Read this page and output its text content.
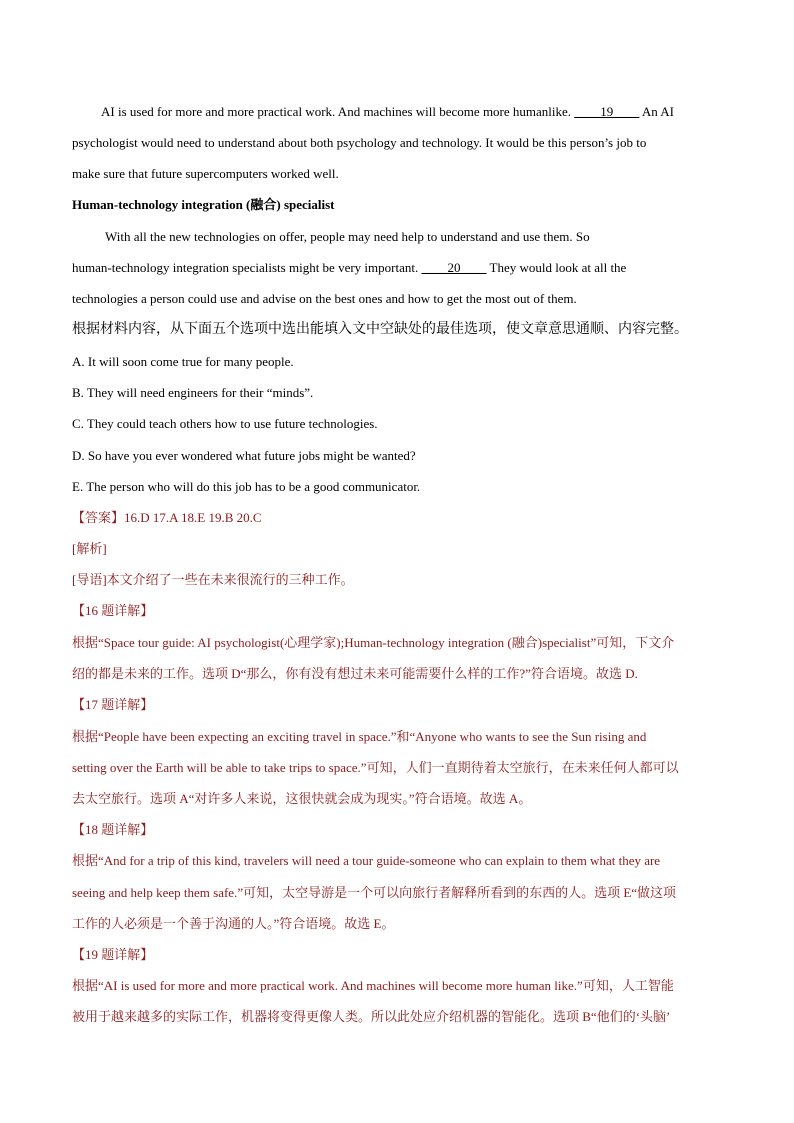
AI is used for more and more practical work. And machines will become more humanlike. ____19____ An AI
psychologist would need to understand about both psychology and technology. It would be this person’s job to
make sure that future supercomputers worked well.
Human-technology integration (融合) specialist
With all the new technologies on offer, people may need help to understand and use them. So
human-technology integration specialists might be very important. ____20____ They would look at all the
technologies a person could use and advise on the best ones and how to get the most out of them.
根据材料内容，从下面五个选项中选出能填入文中空缺处的最佳选项，使文章意思通顺、内容完整。
A. It will soon come true for many people.
B. They will need engineers for their “minds”.
C. They could teach others how to use future technologies.
D. So have you ever wondered what future jobs might be wanted?
E. The person who will do this job has to be a good communicator.
【答案】16.D 17.A 18.E 19.B 20.C
[解析]
[导语]本文介绍了一些在未来很流行的三种工作。
【16 题详解】
根据“Space tour guide: AI psychologist(心理学家);Human-technology integration (融合)specialist”可知，下文介
绍的都是未来的工作。选项 D“那么，你有没有想过未来可能需要什么样的工作?”符合语境。故选 D.
【17 题详解】
根据“People have been expecting an exciting travel in space.”和“Anyone who wants to see the Sun rising and
setting over the Earth will be able to take trips to space.”可知，人们一直期待着太空旅行，在未来任何人都可以
去太空旅行。选项 A“对许多人来说，这很快就会成为现实。”符合语境。故选 A。
【18 题详解】
根据“And for a trip of this kind, travelers will need a tour guide-someone who can explain to them what they are
seeing and help keep them safe.”可知，太空导游是一个可以向旅行者解释所看到的东西的人。选项 E“做这项
工作的人必须是一个善于沟通的人。”符合语境。故选 E。
【19 题详解】
根据“AI is used for more and more practical work. And machines will become more human like.”可知，人工智能
被用于越来越多的实际工作，机器将变得更像人类。所以此处应介绍机器的智能化。选项 B“他们的‘头脑’
